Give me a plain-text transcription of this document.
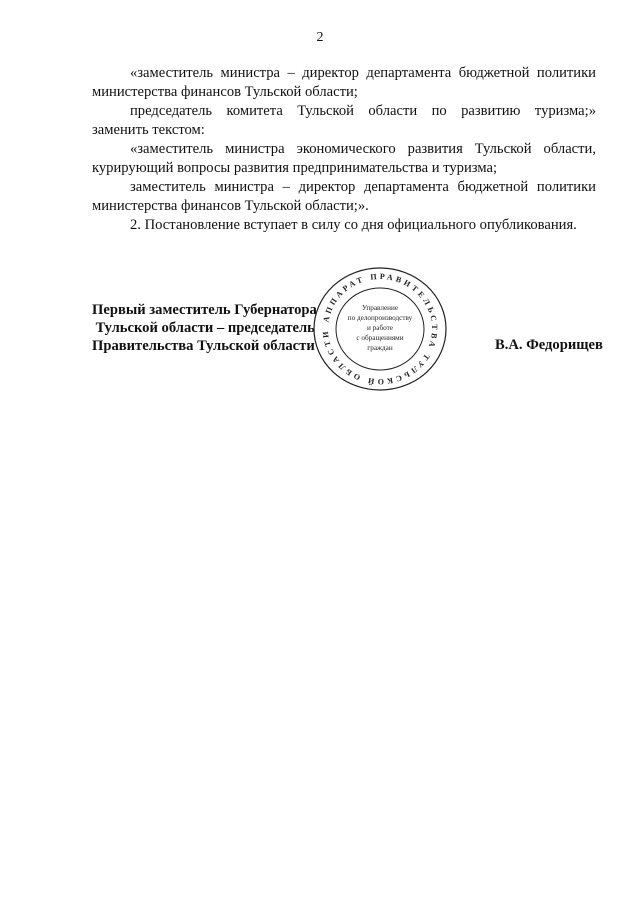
2

«заместитель министра – директор департамента бюджетной политики министерства финансов Тульской области;

председатель комитета Тульской области по развитию туризма;»

заменить текстом:

«заместитель министра экономического развития Тульской области, курирующий вопросы развития предпринимательства и туризма;

заместитель министра – директор департамента бюджетной политики министерства финансов Тульской области;».

2. Постановление вступает в силу со дня официального опубликования.

Первый заместитель Губернатора
Тульской области – председатель
Правительства Тульской области	В.А. Федорищев
АППАРАТ ПРАВИТЕЛЬСТВА ТУЛЬСКОЙ ОБЛАСТИ
Управление
по делопроизводству
и работе
с обращениями
граждан
